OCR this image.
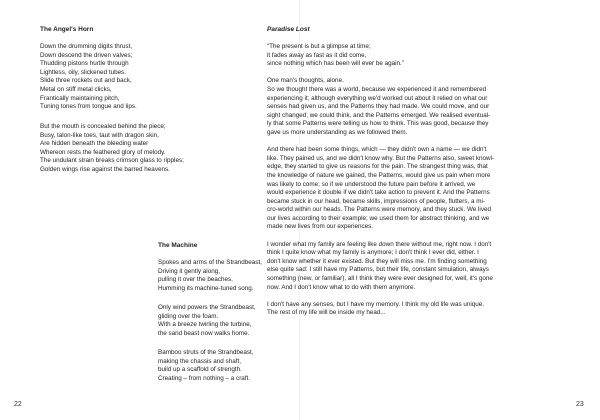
The Angel's Horn
Down the drumming digits thrust,
Down descend the driven valves;
Thudding pistons hurtle through
Lightless, oily, slickened tubes.
Slide three rockets out and back,
Metal on stiff metal clicks,
Frantically maintaining pitch,
Tuning tones from tongue and lips.
But the mouth is concealed behind the piece;
Busy, talon-like toes, taut with dragon skin,
Are hidden beneath the bleeding water
Whereon rests the feathered glory of melody.
The undulant strain breaks crimson glass to ripples;
Golden wings rise against the barred heavens.
The Machine
Spokes and arms of the Strandbeast,
Driving it gently along,
pulling it over the beaches.
Humming its machine-tuned song.
Only wind powers the Strandbeast,
gliding over the foam.
With a breeze twirling the turbine,
the sand beast now walks home.
Bamboo struts of the Strandbeast,
making the chassis and shaft,
build up a scaffold of strength.
Creating – from nothing – a craft.
22	23
Paradise Lost

“The present is but a glimpse at time;
it fades away as fast as it did come,
since nothing which has been will ever be again.”

One man's thoughts, alone.
So we thought there was a world, because we experienced it and remembered
experiencing it; although everything we'd worked out about it relied on what our
senses had given us, and the Patterns they had made. We could move, and our
sight changed; we could think, and the Patterns emerged. We realised eventual-
ly that some Patterns were telling us how to think. This was good, because they
gave us more understanding as we followed them.

And there had been some things, which — they didn't own a name — we didn't
like. They pained us, and we didn't know why. But the Patterns also, sweet knowl-
edge, they started to give us reasons for the pain. The strangest thing was, that
the knowledge of nature we gained, the Patterns, would give us pain when more
was likely to come; so if we understood the future pain before it arrived, we
would experience it double if we didn't take action to prevent it. And the Patterns
became stuck in our head, became skills, impressions of people, flutters, a mi-
cro-world within our heads. The Patterns were memory, and they stuck. We lived
our lives according to their example; we used them for abstract thinking, and we
made new lives from our experiences.

I wonder what my family are feeling like down there without me, right now. I don't
think I quite know what my family is anymore; I don't think I ever did, either. I
don't know whether it ever existed. But they will miss me. I'm finding something
else quite sad: I still have my Patterns, but their life, constant simulation, always
something (new, or familiar), all I think they were ever designed for, well, it's gone
now. And I don't know what to do with them anymore.

I don't have any senses, but I have my memory. I think my old life was unique.
The rest of my life will be inside my head...
